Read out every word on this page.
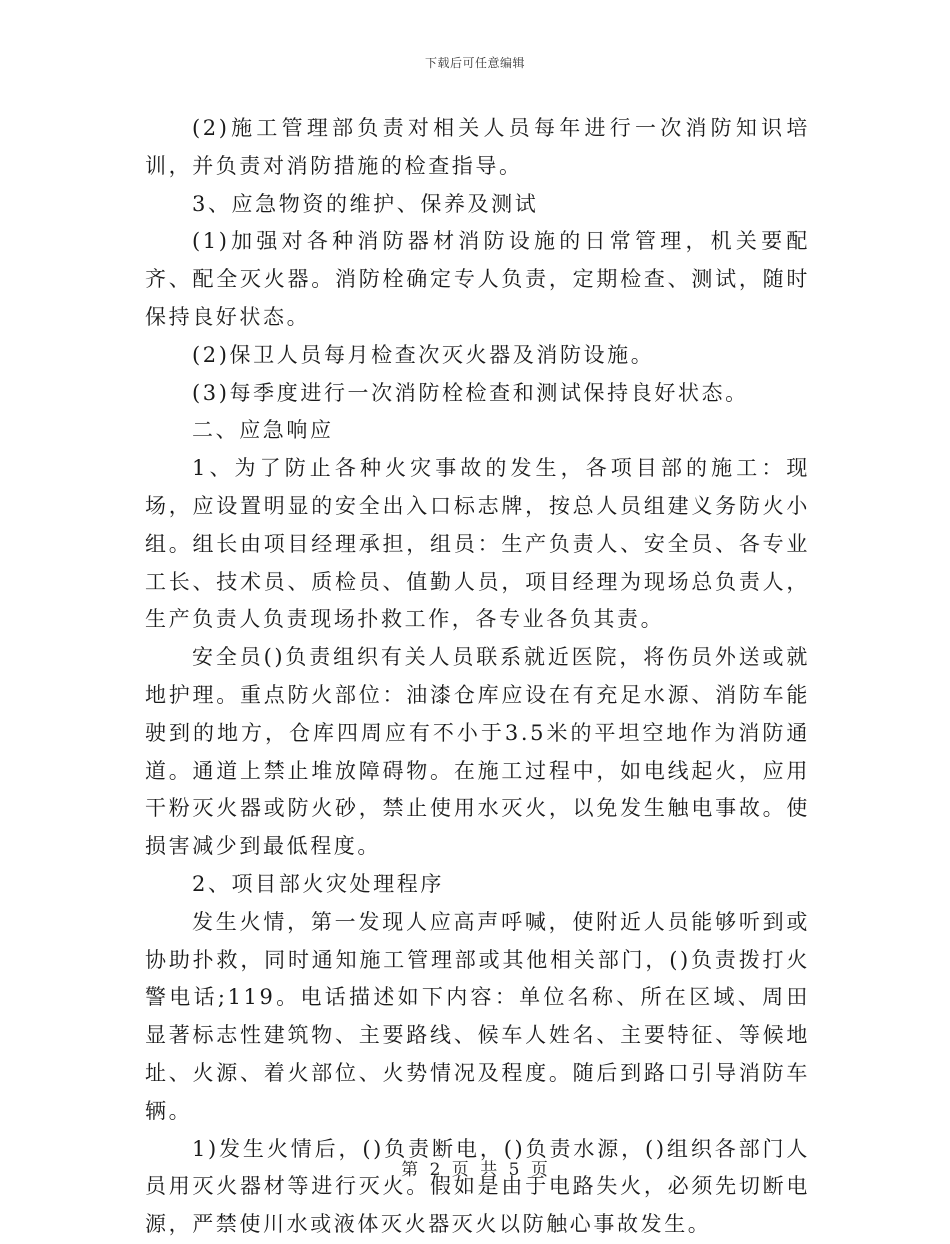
下载后可任意编辑

(2)施工管理部负责对相关人员每年进行一次消防知识培训，并负责对消防措施的检查指导。

3、应急物资的维护、保养及测试

(1)加强对各种消防器材消防设施的日常管理，机关要配齐、配全灭火器。消防栓确定专人负责，定期检查、测试，随时保持良好状态。

(2)保卫人员每月检查次灭火器及消防设施。

(3)每季度进行一次消防栓检查和测试保持良好状态。

二、应急响应

1、为了防止各种火灾事故的发生，各项目部的施工：现场，应设置明显的安全出入口标志牌，按总人员组建义务防火小组。组长由项目经理承担，组员：生产负责人、安全员、各专业工长、技术员、质检员、值勤人员，项目经理为现场总负责人，生产负责人负责现场扑救工作，各专业各负其责。

安全员()负责组织有关人员联系就近医院，将伤员外送或就地护理。重点防火部位：油漆仓库应设在有充足水源、消防车能驶到的地方，仓库四周应有不小于3.5米的平坦空地作为消防通道。通道上禁止堆放障碍物。在施工过程中，如电线起火，应用干粉灭火器或防火砂，禁止使用水灭火，以免发生触电事故。使损害减少到最低程度。

2、项目部火灾处理程序

发生火情，第一发现人应高声呼喊，使附近人员能够听到或协助扑救，同时通知施工管理部或其他相关部门，()负责拨打火警电话;119。电话描述如下内容：单位名称、所在区域、周田显著标志性建筑物、主要路线、候车人姓名、主要特征、等候地址、火源、着火部位、火势情况及程度。随后到路口引导消防车辆。

1)发生火情后，()负责断电，()负责水源，()组织各部门人员用灭火器材等进行灭火。假如是由于电路失火，必须先切断电源，严禁使川水或液体灭火器灭火以防触心事故发生。

第 2 页 共 5 页
